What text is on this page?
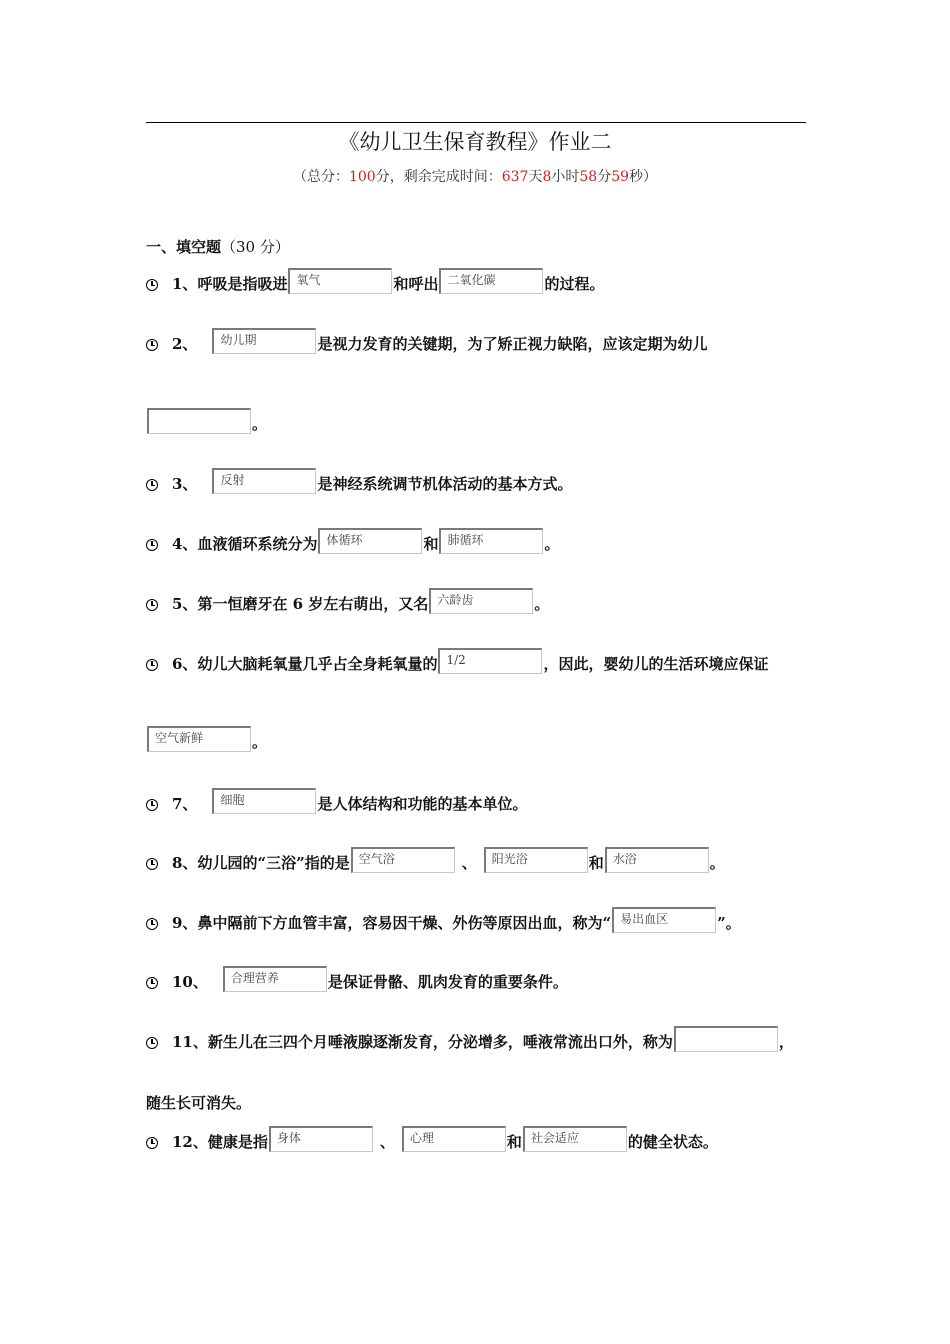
《幼儿卫生保育教程》作业二
（总分：100分，剩余完成时间：637天8小时58分59秒）
一、填空题（30 分）
1、 呼吸是指吸进 氧气	和呼出 二氧化碳	的过程。
2、	幼儿期	是视力发育的关键期，为了矫正视力缺陷，应该定期为幼儿
。
3、	反射	是神经系统调节机体活动的基本方式。
4、 血液循环系统分为 体循环	和 肺循环	。
5、 第一恒磨牙在 6 岁左右萌出，又名 六龄齿	。
6、 幼儿大脑耗氧量几乎占全身耗氧量的 1/2	，因此，婴幼儿的生活环境应保证
空气新鲜	。
7、	细胞	是人体结构和功能的基本单位。
8、 幼儿园的“三浴”指的是 空气浴	、	阳光浴	和 水浴	。
9、 鼻中隔前下方血管丰富，容易因干燥、外伤等原因出血，称为“ 易出血区	”。
10、	合理营养	是保证骨骼、肌肉发育的重要条件。
11、 新生儿在三四个月唾液腺逐渐发育，分泌增多，唾液常流出口外，称为	，
随生长可消失。
12、 健康是指 身体	、	心理	和 社会适应	的健全状态。
